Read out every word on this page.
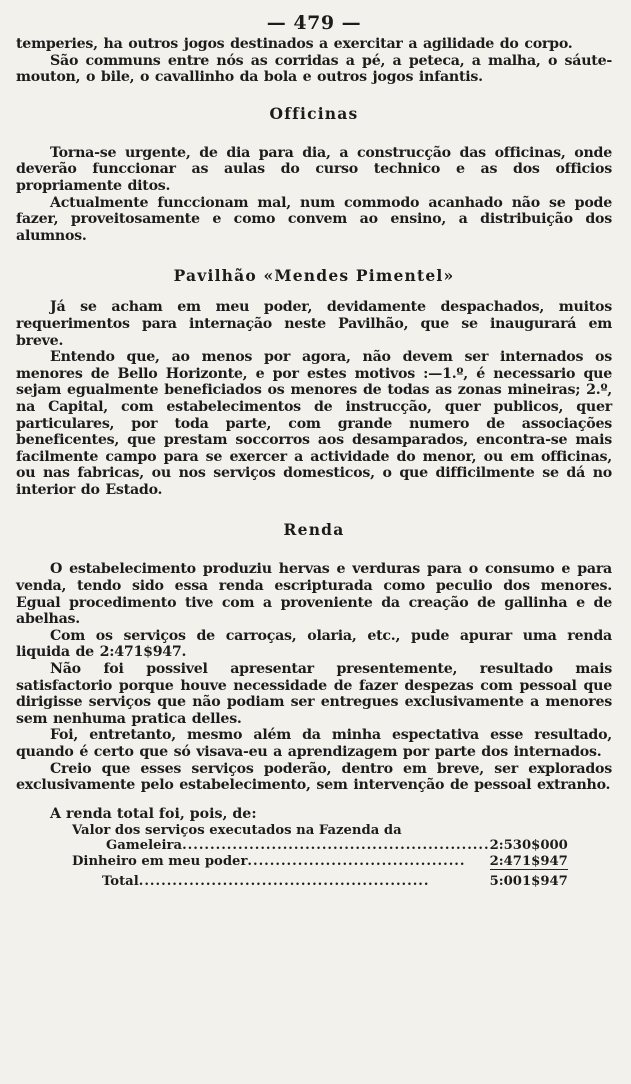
— 479 —

temperies, ha outros jogos destinados a exercitar a agilidade do corpo.

São communs entre nós as corridas a pé, a peteca, a malha, o sáute-mouton, o bile, o cavallinho da bola e outros jogos infantis.

Officinas

Torna-se urgente, de dia para dia, a construcção das officinas, onde deverão funccionar as aulas do curso technico e as dos officios propriamente ditos.

Actualmente funccionam mal, num commodo acanhado não se pode fazer, proveitosamente e como convem ao ensino, a distribuição dos alumnos.

Pavilhão «Mendes Pimentel»

Já se acham em meu poder, devidamente despachados, muitos requerimentos para internação neste Pavilhão, que se inaugurará em breve.

Entendo que, ao menos por agora, não devem ser internados os menores de Bello Horizonte, e por estes motivos :—1.º, é necessario que sejam egualmente beneficiados os menores de todas as zonas mineiras; 2.º, na Capital, com estabelecimentos de instrucção, quer publicos, quer particulares, por toda parte, com grande numero de associações beneficentes, que prestam soccorros aos desamparados, encontra-se mais facilmente campo para se exercer a actividade do menor, ou em officinas, ou nas fabricas, ou nos serviços domesticos, o que difficilmente se dá no interior do Estado.

Renda

O estabelecimento produziu hervas e verduras para o consumo e para venda, tendo sido essa renda escripturada como peculio dos menores. Egual procedimento tive com a proveniente da creação de gallinha e de abelhas.

Com os serviços de carroças, olaria, etc., pude apurar uma renda liquida de 2:471$947.

Não foi possivel apresentar presentemente, resultado mais satisfactorio porque houve necessidade de fazer despezas com pessoal que dirigisse serviços que não podiam ser entregues exclusivamente a menores sem nenhuma pratica delles.

Foi, entretanto, mesmo além da minha espectativa esse resultado, quando é certo que só visava-eu a aprendizagem por parte dos internados.

Creio que esses serviços poderão, dentro em breve, ser explorados exclusivamente pelo estabelecimento, sem intervenção de pessoal extranho.

A renda total foi, pois, de:
Valor dos serviços executados na Fazenda da
Gameleira.......................................................	2:530$000
Dinheiro em meu poder.......................................	2:471$947
Total....................................................	5:001$947
